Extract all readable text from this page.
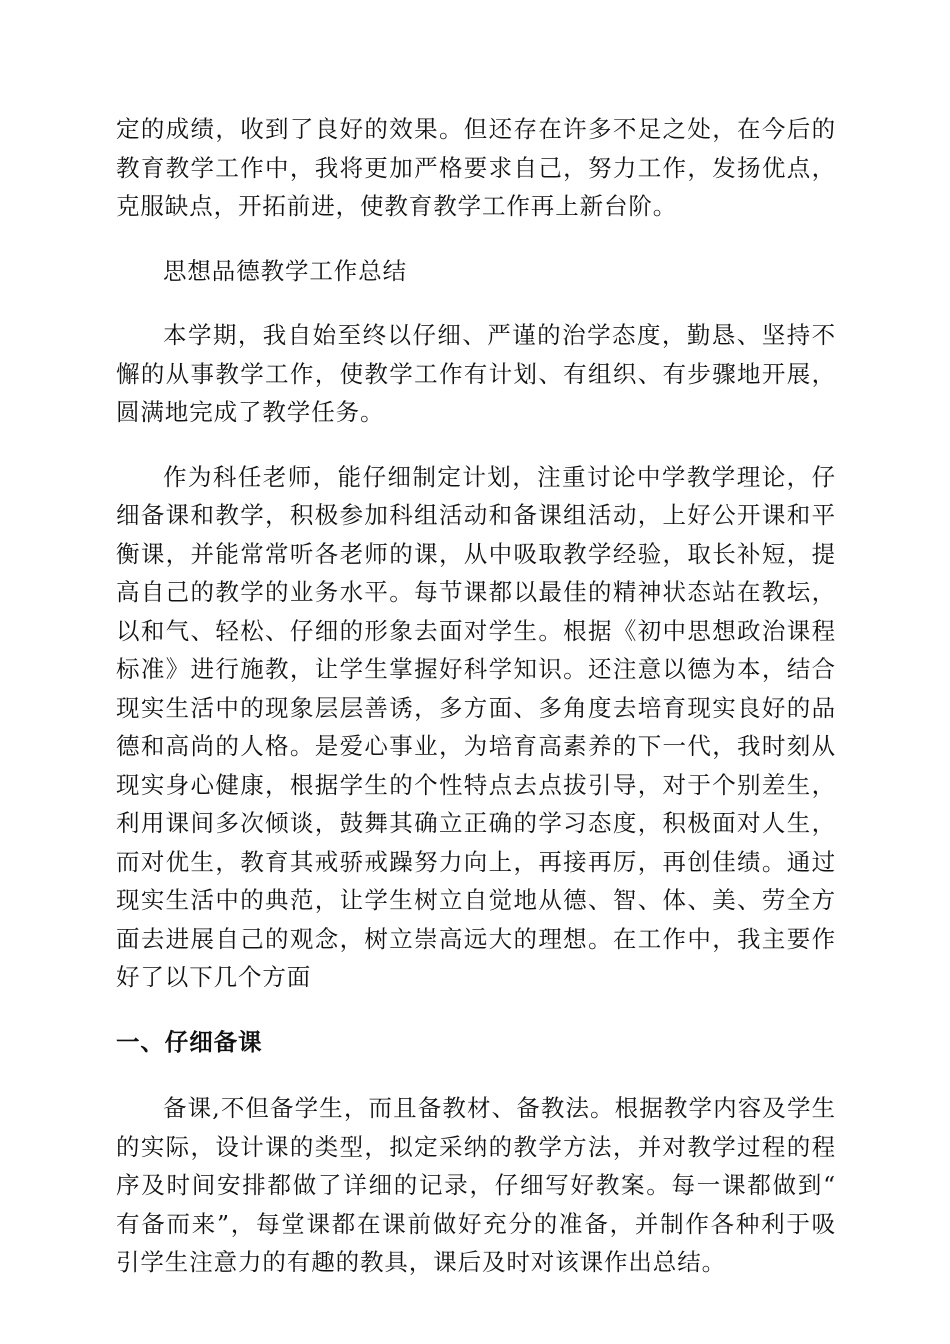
定的成绩，收到了良好的效果。但还存在许多不足之处，在今后的教育教学工作中，我将更加严格要求自己，努力工作，发扬优点，克服缺点，开拓前进，使教育教学工作再上新台阶。

思想品德教学工作总结

本学期，我自始至终以仔细、严谨的治学态度，勤恳、坚持不懈的从事教学工作，使教学工作有计划、有组织、有步骤地开展，圆满地完成了教学任务。

作为科任老师，能仔细制定计划，注重讨论中学教学理论，仔细备课和教学，积极参加科组活动和备课组活动，上好公开课和平衡课，并能常常听各老师的课，从中吸取教学经验，取长补短，提高自己的教学的业务水平。每节课都以最佳的精神状态站在教坛，以和气、轻松、仔细的形象去面对学生。根据《初中思想政治课程标准》进行施教，让学生掌握好科学知识。还注意以德为本，结合现实生活中的现象层层善诱，多方面、多角度去培育现实良好的品德和高尚的人格。是爱心事业，为培育高素养的下一代，我时刻从现实身心健康，根据学生的个性特点去点拔引导，对于个别差生，利用课间多次倾谈，鼓舞其确立正确的学习态度，积极面对人生，而对优生，教育其戒骄戒躁努力向上，再接再厉，再创佳绩。通过现实生活中的典范，让学生树立自觉地从德、智、体、美、劳全方面去进展自己的观念，树立崇高远大的理想。在工作中，我主要作好了以下几个方面

一、仔细备课

备课,不但备学生，而且备教材、备教法。根据教学内容及学生的实际，设计课的类型，拟定采纳的教学方法，并对教学过程的程序及时间安排都做了详细的记录，仔细写好教案。每一课都做到“有备而来”，每堂课都在课前做好充分的准备，并制作各种利于吸引学生注意力的有趣的教具，课后及时对该课作出总结。
